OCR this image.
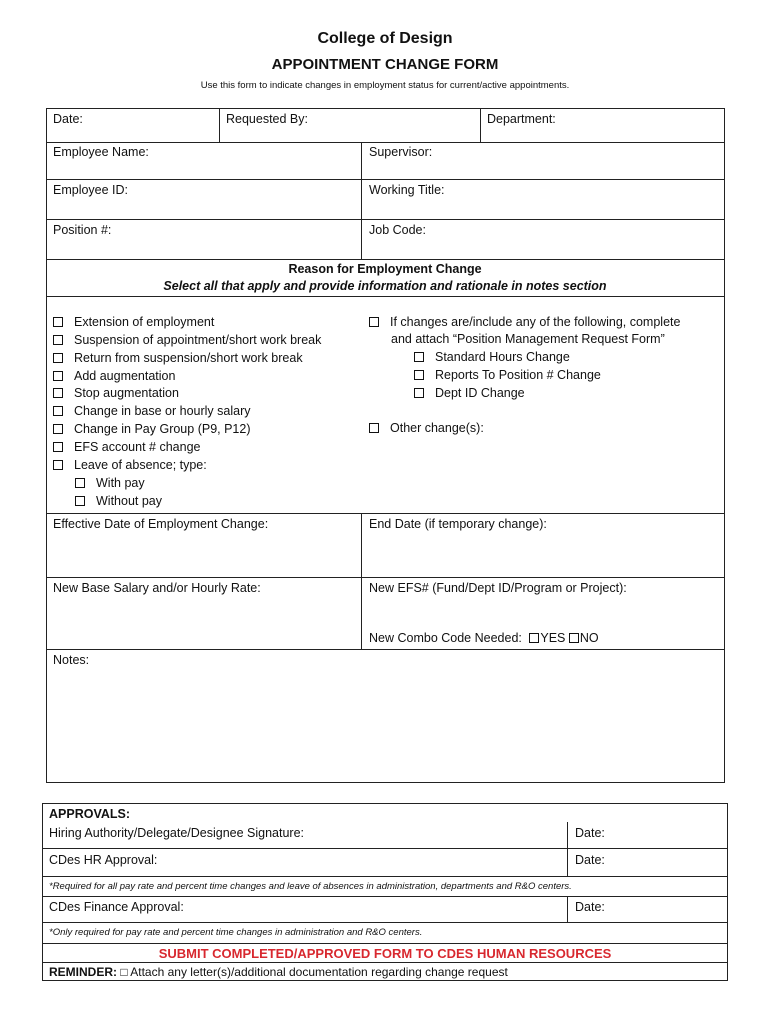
College of Design
APPOINTMENT CHANGE FORM
Use this form to indicate changes in employment status for current/active appointments.
Date:	Requested By:	Department:
Employee Name:	Supervisor:
Employee ID:	Working Title:
Position #:	Job Code:
Reason for Employment Change
Select all that apply and provide information and rationale in notes section
Extension of employment
Suspension of appointment/short work break
Return from suspension/short work break
Add augmentation
Stop augmentation
Change in base or hourly salary
Change in Pay Group (P9, P12)
EFS account # change
Leave of absence; type:
With pay
Without pay
If changes are/include any of the following, complete
and attach “Position Management Request Form”
Standard Hours Change
Reports To Position # Change
Dept ID Change
Other change(s):
Effective Date of Employment Change:	End Date (if temporary change):
New Base Salary and/or Hourly Rate:	New EFS# (Fund/Dept ID/Program or Project):
New Combo Code Needed: YES NO
Notes:
APPROVALS:
Hiring Authority/Delegate/Designee Signature:	Date:
CDes HR Approval:	Date:
*Required for all pay rate and percent time changes and leave of absences in administration, departments and R&O centers.
CDes Finance Approval:	Date:
*Only required for pay rate and percent time changes in administration and R&O centers.
SUBMIT COMPLETED/APPROVED FORM TO CDES HUMAN RESOURCES
REMINDER: □ Attach any letter(s)/additional documentation regarding change request
